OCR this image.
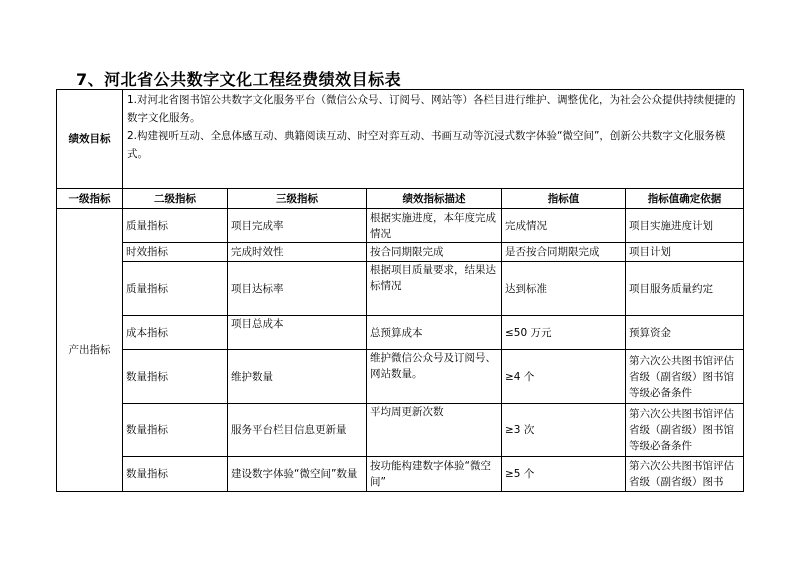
7、河北省公共数字文化工程经费绩效目标表
绩效目标	1.对河北省图书馆公共数字文化服务平台（微信公众号、订阅号、网站等）各栏目进行维护、调整优化，为社会公众提供持续便捷的数字文化服务。

2.构建视听互动、全息体感互动、典籍阅读互动、时空对弈互动、书画互动等沉浸式数字体验“微空间”，创新公共数字文化服务模式。				

一级指标	二级指标	三级指标	绩效指标描述	指标值	指标值确定依据
产出指标	质量指标	项目完成率	根据实施进度，本年度完成情况	完成情况	项目实施进度计划
	时效指标	完成时效性	按合同期限完成	是否按合同期限完成	项目计划
	质量指标	项目达标率	根据项目质量要求，结果达标情况	达到标准	项目服务质量约定
	成本指标	项目总成本	总预算成本	≤50 万元	预算资金
	数量指标	维护数量	维护微信公众号及订阅号、网站数量。	≥4 个	第六次公共图书馆评估省级（副省级）图书馆等级必备条件
	数量指标	服务平台栏目信息更新量	平均周更新次数	≥3 次	第六次公共图书馆评估省级（副省级）图书馆等级必备条件
	数量指标	建设数字体验“微空间”数量	按功能构建数字体验“微空间”	≥5 个	第六次公共图书馆评估省级（副省级）图书
